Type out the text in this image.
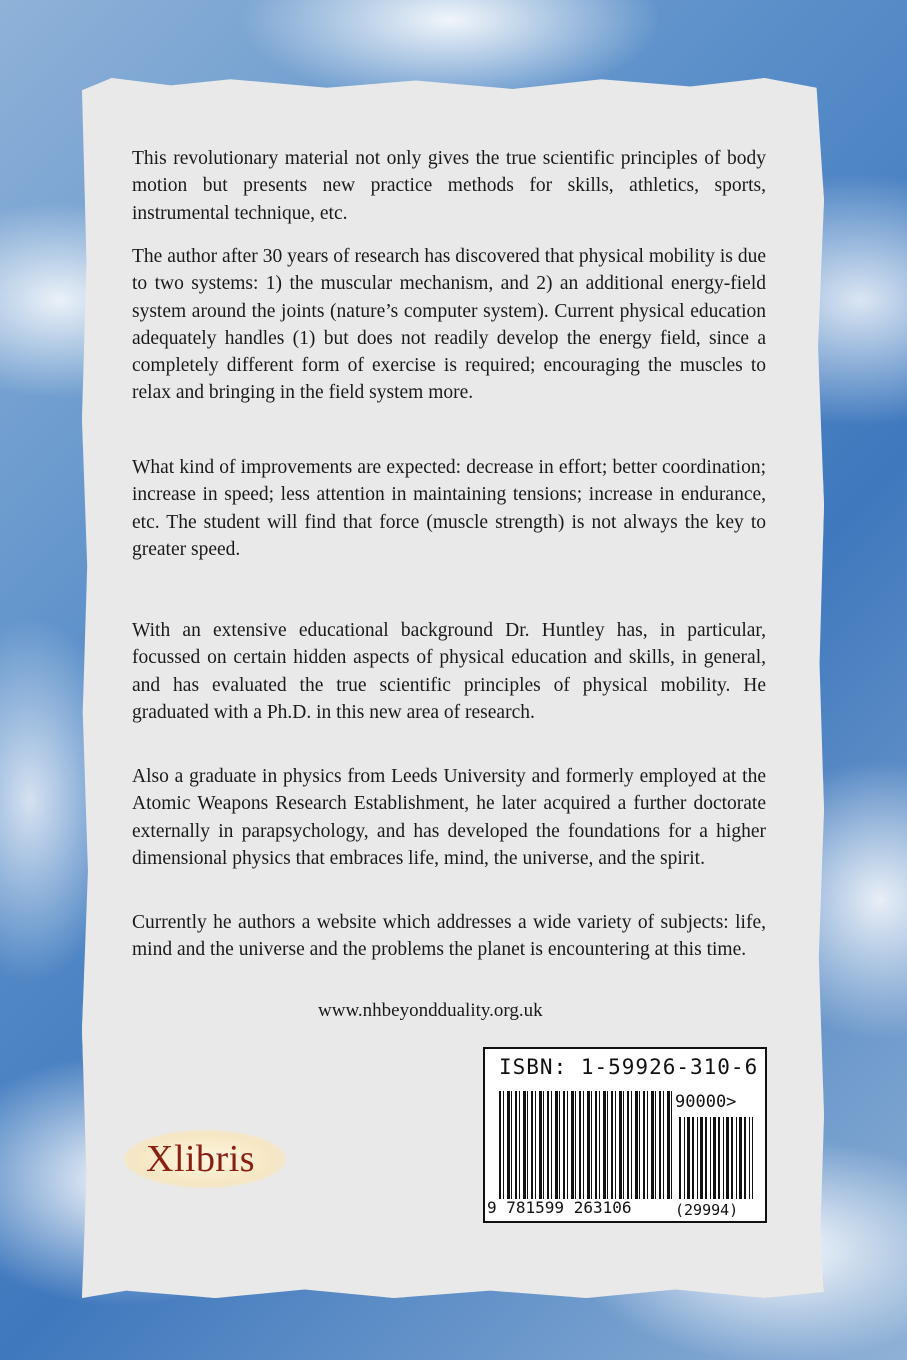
This revolutionary material not only gives the true scientific principles of body motion but presents new practice methods for skills, athletics, sports, instrumental technique, etc.

The author after 30 years of research has discovered that physical mobility is due to two systems: 1) the muscular mechanism, and 2) an additional energy-field system around the joints (nature’s computer system). Current physical education adequately handles (1) but does not readily develop the energy field, since a completely different form of exercise is required; encouraging the muscles to relax and bringing in the field system more.

What kind of improvements are expected: decrease in effort; better coordination; increase in speed; less attention in maintaining tensions; increase in endurance, etc. The student will find that force (muscle strength) is not always the key to greater speed.

With an extensive educational background Dr. Huntley has, in particular, focussed on certain hidden aspects of physical education and skills, in general, and has evaluated the true scientific principles of physical mobility. He graduated with a Ph.D. in this new area of research.

Also a graduate in physics from Leeds University and formerly employed at the Atomic Weapons Research Establishment, he later acquired a further doctorate externally in parapsychology, and has developed the foundations for a higher dimensional physics that embraces life, mind, the universe, and the spirit.

Currently he authors a website which addresses a wide variety of subjects: life, mind and the universe and the problems the planet is encountering at this time.

www.nhbeyondduality.org.uk
Xlibris
ISBN: 1-59926-310-6
90000>
9 781599 263106	(29994)
